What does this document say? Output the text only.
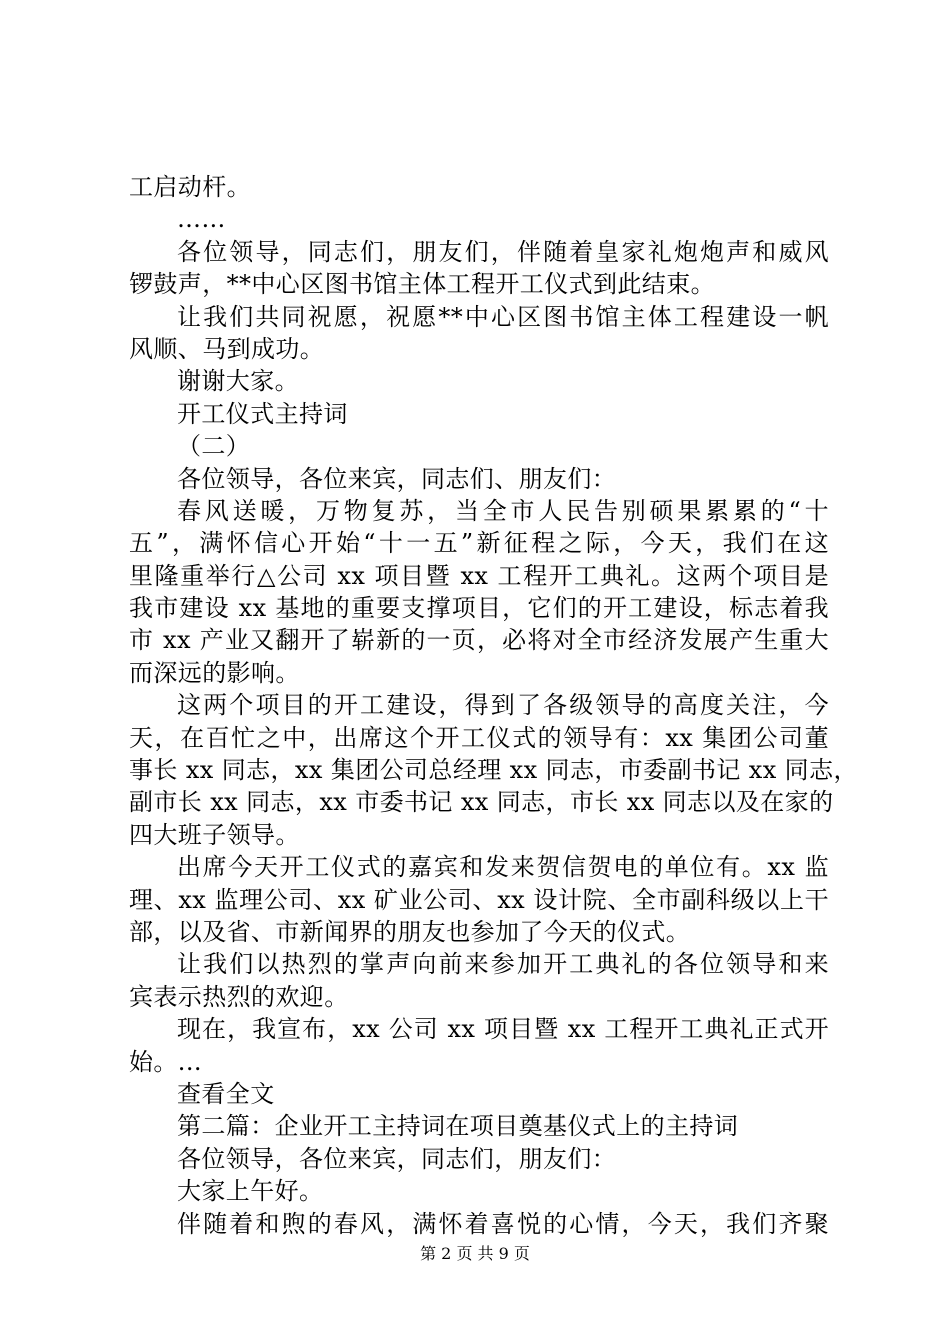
工启动杆。
……
各位领导，同志们，朋友们，伴随着皇家礼炮炮声和威风
锣鼓声，**中心区图书馆主体工程开工仪式到此结束。
让我们共同祝愿，祝愿**中心区图书馆主体工程建设一帆
风顺、马到成功。
谢谢大家。
开工仪式主持词
（二）
各位领导，各位来宾，同志们、朋友们：
春风送暖，万物复苏，当全市人民告别硕果累累的“十
五”，满怀信心开始“十一五”新征程之际，今天，我们在这
里隆重举行△公司 xx 项目暨 xx 工程开工典礼。这两个项目是
我市建设 xx 基地的重要支撑项目，它们的开工建设，标志着我
市 xx 产业又翻开了崭新的一页，必将对全市经济发展产生重大
而深远的影响。
这两个项目的开工建设，得到了各级领导的高度关注，今
天，在百忙之中，出席这个开工仪式的领导有：xx 集团公司董
事长 xx 同志，xx 集团公司总经理 xx 同志，市委副书记 xx 同志，
副市长 xx 同志，xx 市委书记 xx 同志，市长 xx 同志以及在家的
四大班子领导。
出席今天开工仪式的嘉宾和发来贺信贺电的单位有。xx 监
理、xx 监理公司、xx 矿业公司、xx 设计院、全市副科级以上干
部，以及省、市新闻界的朋友也参加了今天的仪式。
让我们以热烈的掌声向前来参加开工典礼的各位领导和来
宾表示热烈的欢迎。
现在，我宣布，xx 公司 xx 项目暨 xx 工程开工典礼正式开
始。...
查看全文
第二篇：企业开工主持词在项目奠基仪式上的主持词
各位领导，各位来宾，同志们，朋友们：
大家上午好。
伴随着和煦的春风，满怀着喜悦的心情，今天，我们齐聚
第 2 页 共 9 页
